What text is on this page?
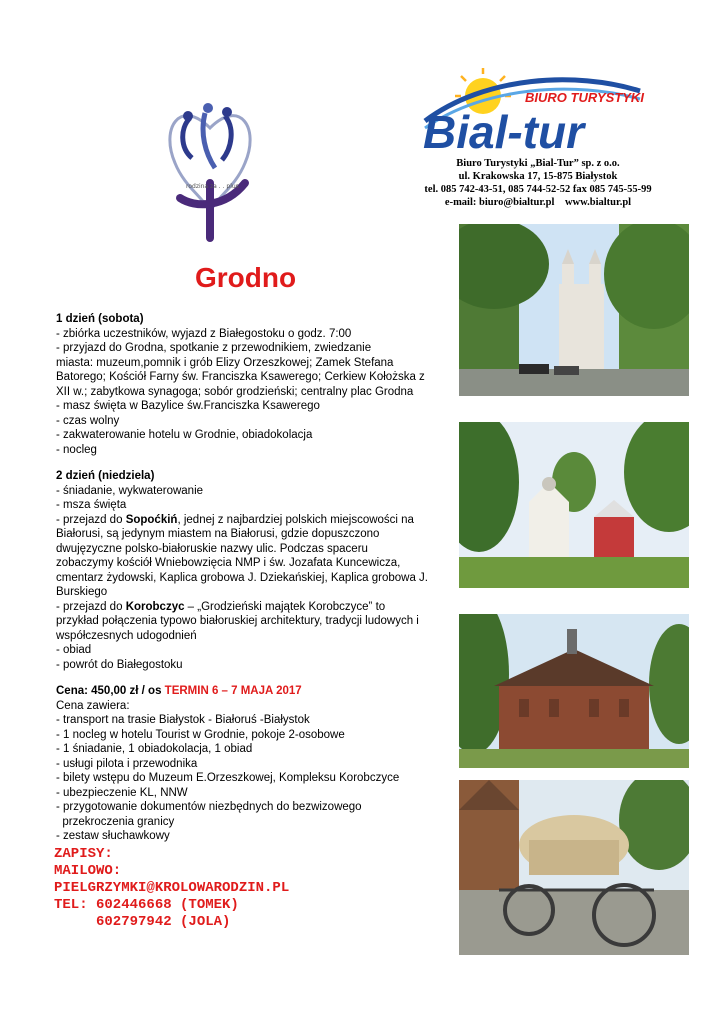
rodzina za . . plus
BIURO TURYSTYKI
Bial-tur
Biuro Turystyki „Bial-Tur” sp. z o.o.
ul. Krakowska 17, 15-875 Białystok
tel. 085 742-43-51, 085 744-52-52 fax 085 745-55-99
e-mail: biuro@bialtur.pl    www.bialtur.pl
Grodno

1 dzień (sobota)

- zbiórka uczestników, wyjazd z Białegostoku o godz. 7:00

- przyjazd do Grodna, spotkanie z przewodnikiem, zwiedzanie

miasta: muzeum,pomnik i grób Elizy Orzeszkowej; Zamek Stefana

Batorego; Kościół Farny św. Franciszka Ksawerego; Cerkiew Kołożska z

XII w.; zabytkowa synagoga; sobór grodzieński; centralny plac Grodna

- masz święta w Bazylice św.Franciszka Ksawerego

- czas wolny

- zakwaterowanie hotelu w Grodnie, obiadokolacja

- nocleg

2 dzień (niedziela)

- śniadanie, wykwaterowanie

- msza święta

- przejazd do Sopoćkiń, jednej z najbardziej polskich miejscowości na

Białorusi, są jedynym miastem na Białorusi, gdzie dopuszczono

dwujęzyczne polsko-białoruskie nazwy ulic. Podczas spaceru

zobaczymy kościół Wniebowzięcia NMP i św. Jozafata Kuncewicza,

cmentarz żydowski, Kaplica grobowa J. Dziekańskiej, Kaplica grobowa J.

Burskiego

- przejazd do Korobczyc – „Grodzieński majątek Korobczyce” to

przykład połączenia typowo białoruskiej architektury, tradycji ludowych i

współczesnych udogodnień

- obiad

- powrót do Białegostoku

Cena: 450,00 zł / os TERMIN 6 – 7 MAJA 2017

Cena zawiera:

- transport na trasie Białystok - Białoruś -Białystok

- 1 nocleg w hotelu Tourist w Grodnie, pokoje 2-osobowe

- 1 śniadanie, 1 obiadokolacja, 1 obiad

- usługi pilota i przewodnika

- bilety wstępu do Muzeum E.Orzeszkowej, Kompleksu Korobczyce

- ubezpieczenie KL, NNW

- przygotowanie dokumentów niezbędnych do bezwizowego

przekroczenia granicy

- zestaw słuchawkowy

ZAPISY:
MAILOWO:
PIELGRZYMKI@KROLOWARODZIN.PL
TEL: 602446668 (TOMEK)
602797942 (JOLA)
